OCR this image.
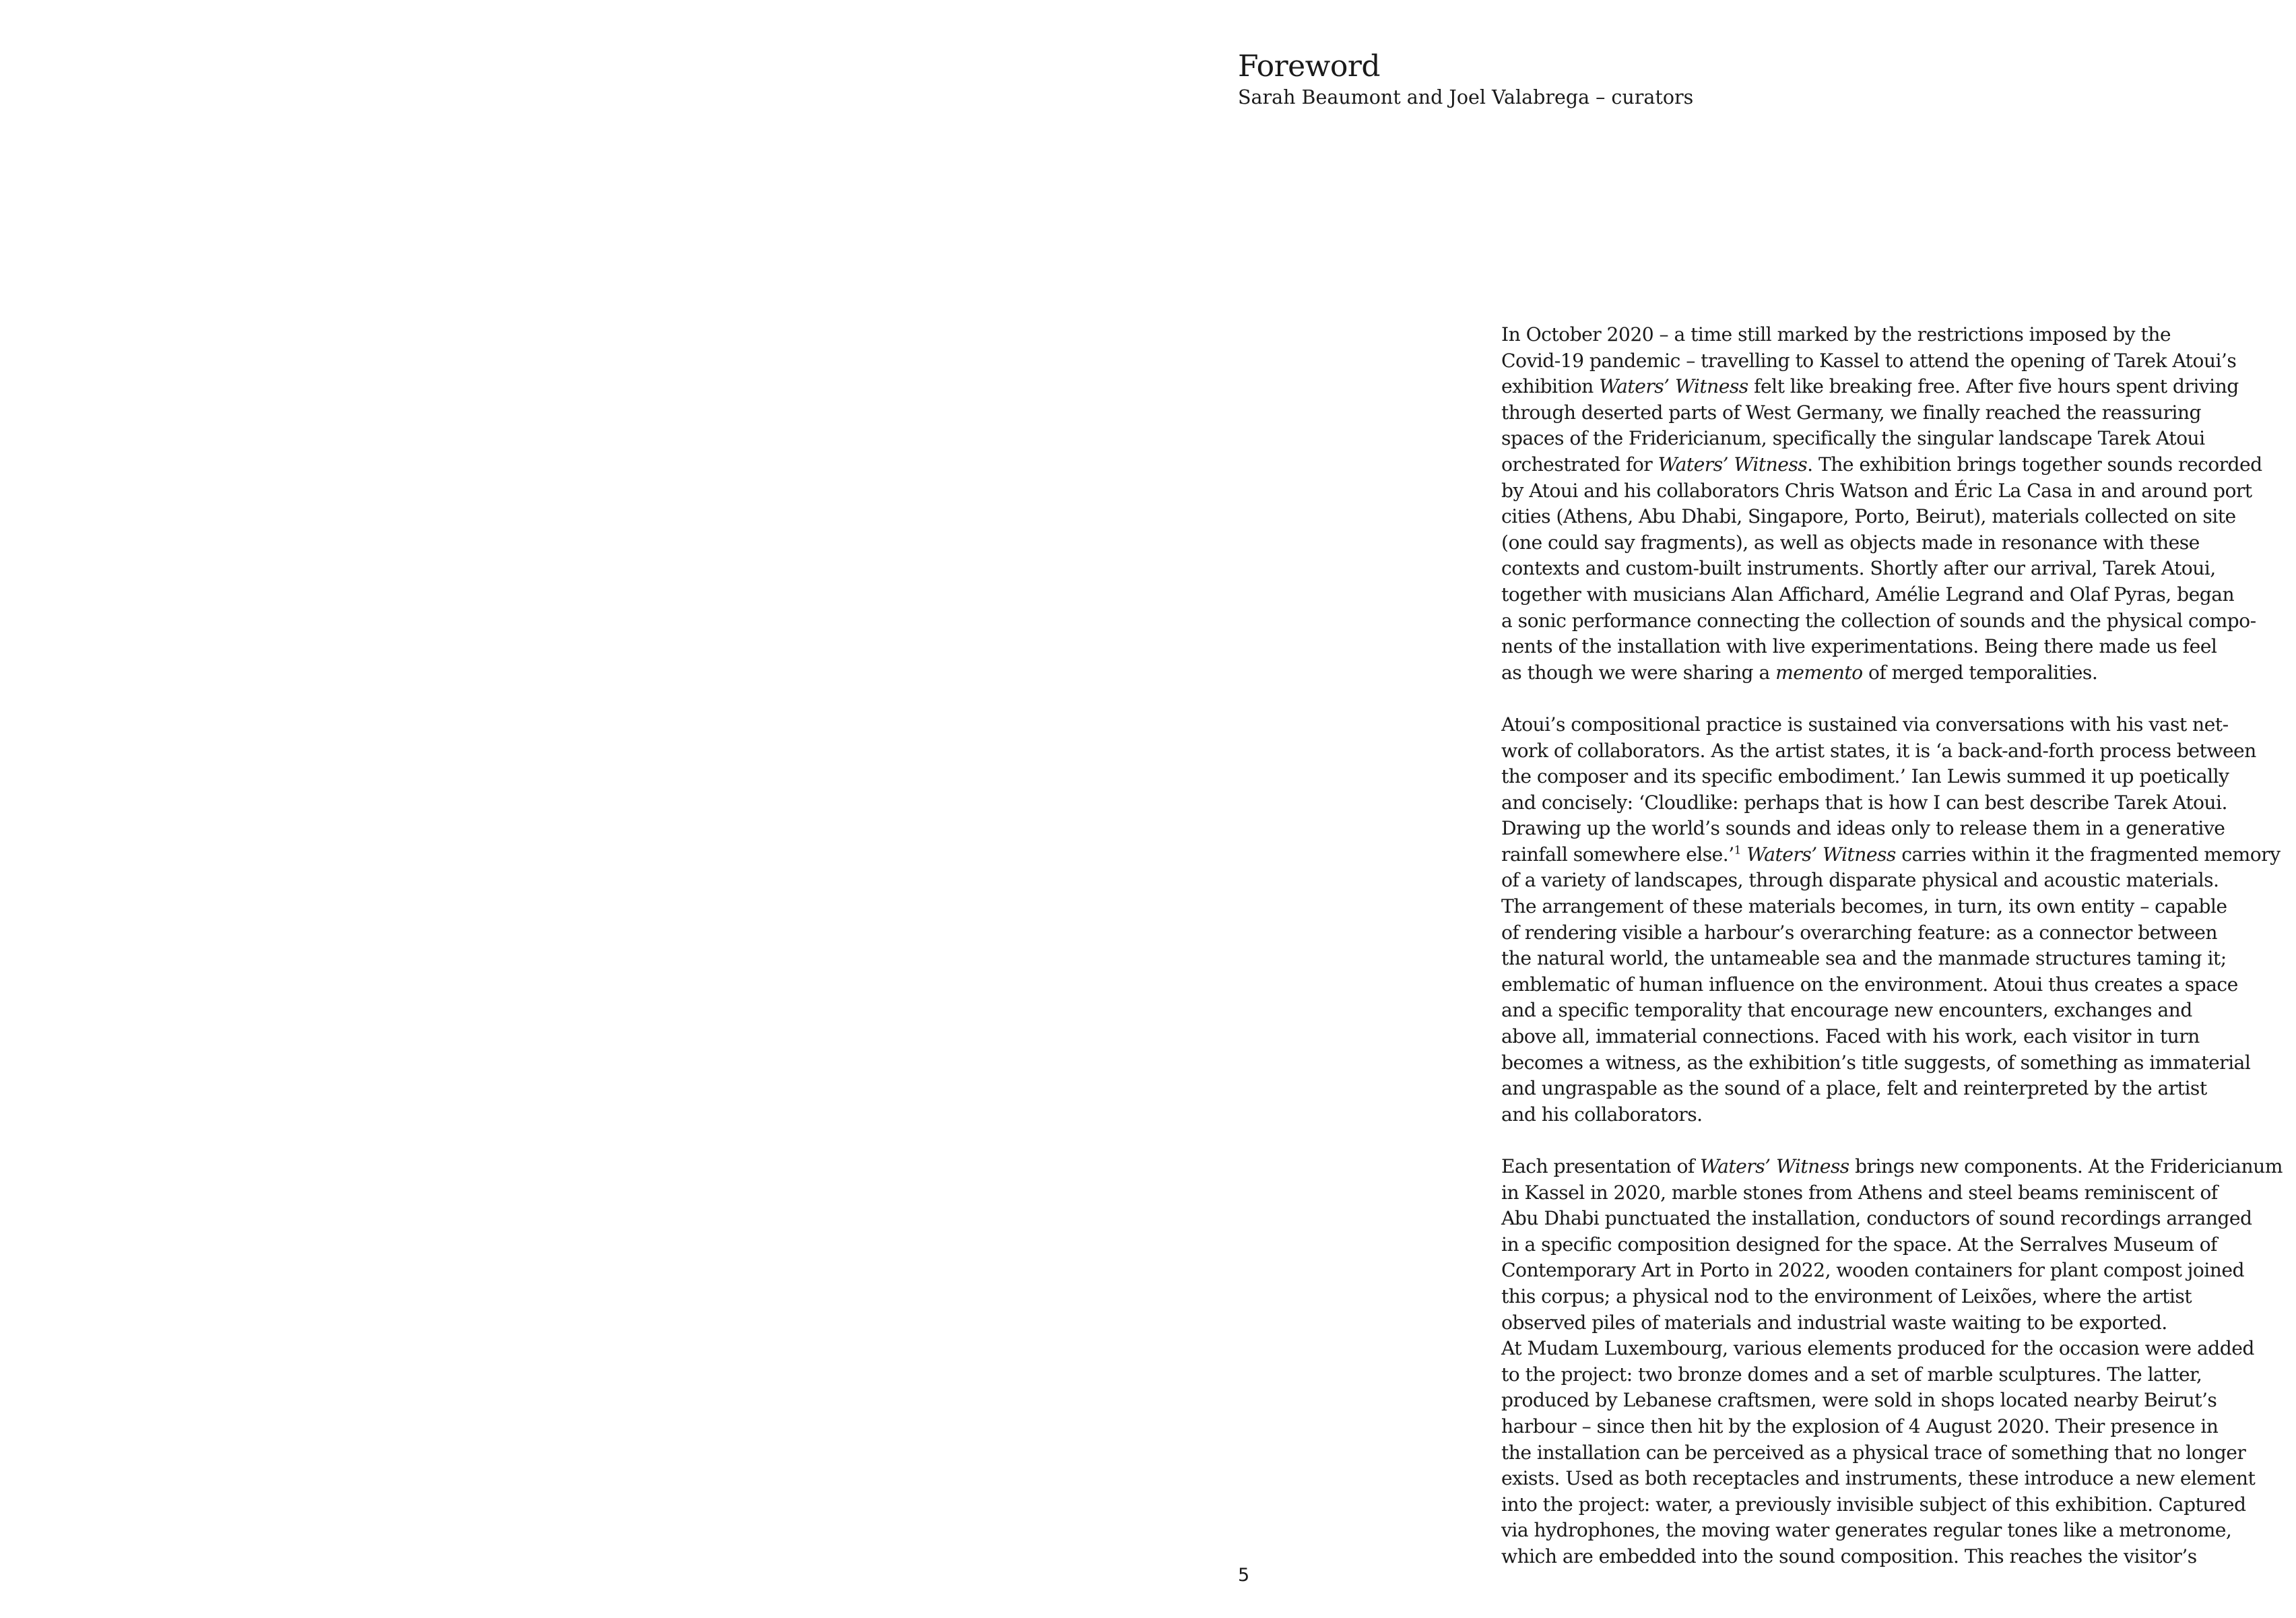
Foreword
Sarah Beaumont and Joel Valabrega – curators
In October 2020 – a time still marked by the restrictions imposed by the
Covid-19 pandemic – travelling to Kassel to attend the opening of Tarek Atoui’s
exhibition Waters’ Witness felt like breaking free. After five hours spent driving
through deserted parts of West Germany, we finally reached the reassuring
spaces of the Fridericianum, specifically the singular landscape Tarek Atoui
orchestrated for Waters’ Witness. The exhibition brings together sounds recorded
by Atoui and his collaborators Chris Watson and Éric La Casa in and around port
cities (Athens, Abu Dhabi, Singapore, Porto, Beirut), materials collected on site
(one could say fragments), as well as objects made in resonance with these
contexts and custom-built instruments. Shortly after our arrival, Tarek Atoui,
together with musicians Alan Affichard, Amélie Legrand and Olaf Pyras, began
a sonic performance connecting the collection of sounds and the physical compo-
nents of the installation with live experimentations. Being there made us feel
as though we were sharing a memento of merged temporalities.
Atoui’s compositional practice is sustained via conversations with his vast net-
work of collaborators. As the artist states, it is ‘a back-and-forth process between
the composer and its specific embodiment.’ Ian Lewis summed it up poetically
and concisely: ‘Cloudlike: perhaps that is how I can best describe Tarek Atoui.
Drawing up the world’s sounds and ideas only to release them in a generative
rainfall somewhere else.’$^1$ Waters’ Witness carries within it the fragmented memory
of a variety of landscapes, through disparate physical and acoustic materials.
The arrangement of these materials becomes, in turn, its own entity – capable
of rendering visible a harbour’s overarching feature: as a connector between
the natural world, the untameable sea and the manmade structures taming it;
emblematic of human influence on the environment. Atoui thus creates a space
and a specific temporality that encourage new encounters, exchanges and
above all, immaterial connections. Faced with his work, each visitor in turn
becomes a witness, as the exhibition’s title suggests, of something as immaterial
and ungraspable as the sound of a place, felt and reinterpreted by the artist
and his collaborators.
Each presentation of Waters’ Witness brings new components. At the Fridericianum
in Kassel in 2020, marble stones from Athens and steel beams reminiscent of
Abu Dhabi punctuated the installation, conductors of sound recordings arranged
in a specific composition designed for the space. At the Serralves Museum of
Contemporary Art in Porto in 2022, wooden containers for plant compost joined
this corpus; a physical nod to the environment of Leixões, where the artist
observed piles of materials and industrial waste waiting to be exported.
At Mudam Luxembourg, various elements produced for the occasion were added
to the project: two bronze domes and a set of marble sculptures. The latter,
produced by Lebanese craftsmen, were sold in shops located nearby Beirut’s
harbour – since then hit by the explosion of 4 August 2020. Their presence in
the installation can be perceived as a physical trace of something that no longer
exists. Used as both receptacles and instruments, these introduce a new element
into the project: water, a previously invisible subject of this exhibition. Captured
via hydrophones, the moving water generates regular tones like a metronome,
which are embedded into the sound composition. This reaches the visitor’s
5
